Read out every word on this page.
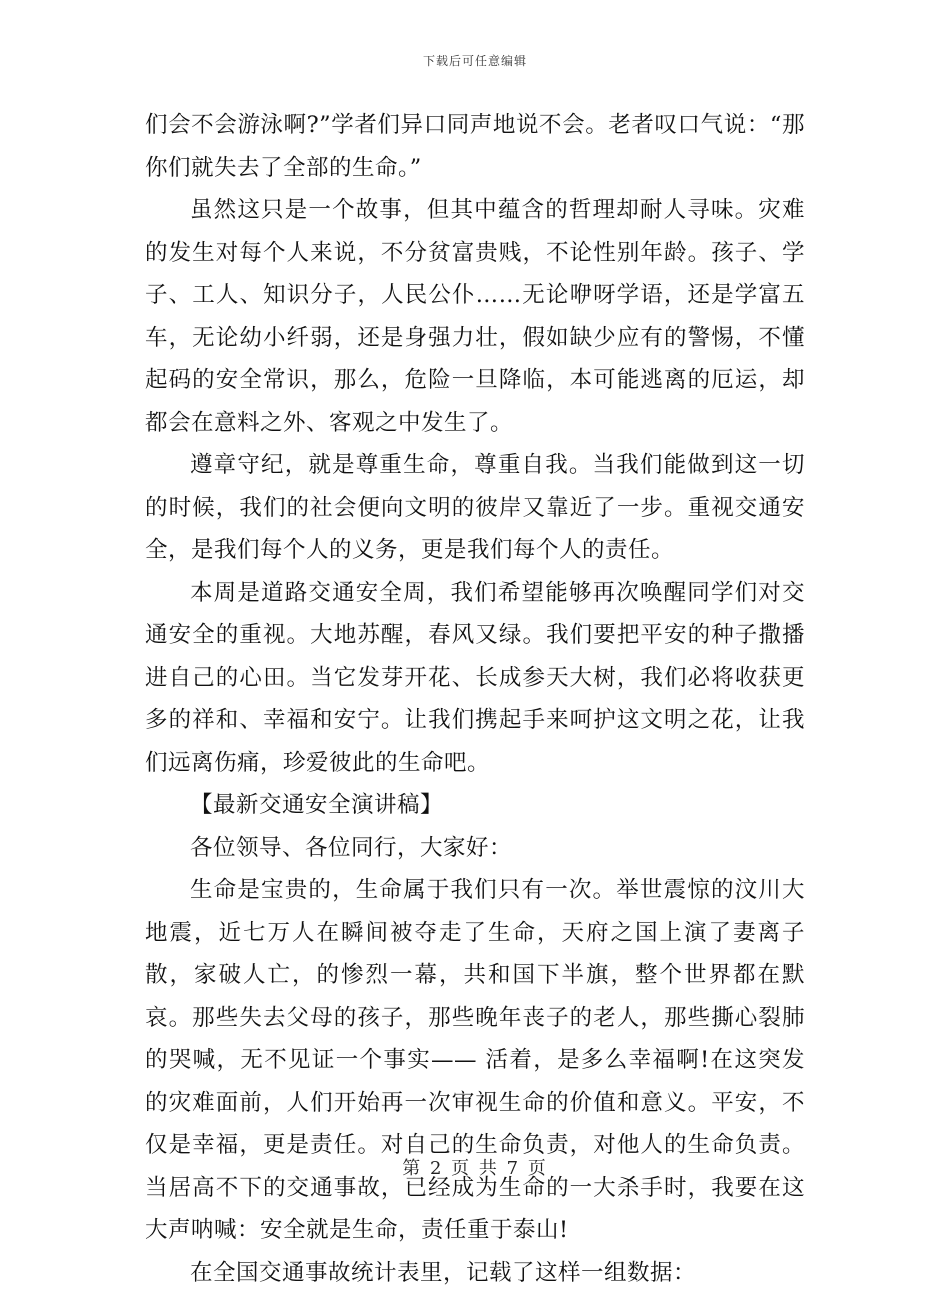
下载后可任意编辑

们会不会游泳啊?”学者们异口同声地说不会。老者叹口气说：“那你们就失去了全部的生命。”

虽然这只是一个故事，但其中蕴含的哲理却耐人寻味。灾难的发生对每个人来说，不分贫富贵贱，不论性别年龄。孩子、学子、工人、知识分子，人民公仆……无论咿呀学语，还是学富五车，无论幼小纤弱，还是身强力壮，假如缺少应有的警惕，不懂起码的安全常识，那么，危险一旦降临，本可能逃离的厄运，却都会在意料之外、客观之中发生了。

遵章守纪，就是尊重生命，尊重自我。当我们能做到这一切的时候，我们的社会便向文明的彼岸又靠近了一步。重视交通安全，是我们每个人的义务，更是我们每个人的责任。

本周是道路交通安全周，我们希望能够再次唤醒同学们对交通安全的重视。大地苏醒，春风又绿。我们要把平安的种子撒播进自己的心田。当它发芽开花、长成参天大树，我们必将收获更多的祥和、幸福和安宁。让我们携起手来呵护这文明之花，让我们远离伤痛，珍爱彼此的生命吧。

【最新交通安全演讲稿】

各位领导、各位同行，大家好：

生命是宝贵的，生命属于我们只有一次。举世震惊的汶川大地震，近七万人在瞬间被夺走了生命，天府之国上演了妻离子散，家破人亡，的惨烈一幕，共和国下半旗，整个世界都在默哀。那些失去父母的孩子，那些晚年丧子的老人，那些撕心裂肺的哭喊，无不见证一个事实—— 活着，是多么幸福啊!在这突发的灾难面前，人们开始再一次审视生命的价值和意义。平安，不仅是幸福，更是责任。对自己的生命负责，对他人的生命负责。当居高不下的交通事故，已经成为生命的一大杀手时，我要在这大声呐喊：安全就是生命，责任重于泰山!

在全国交通事故统计表里，记载了这样一组数据：

第 2 页 共 7 页
